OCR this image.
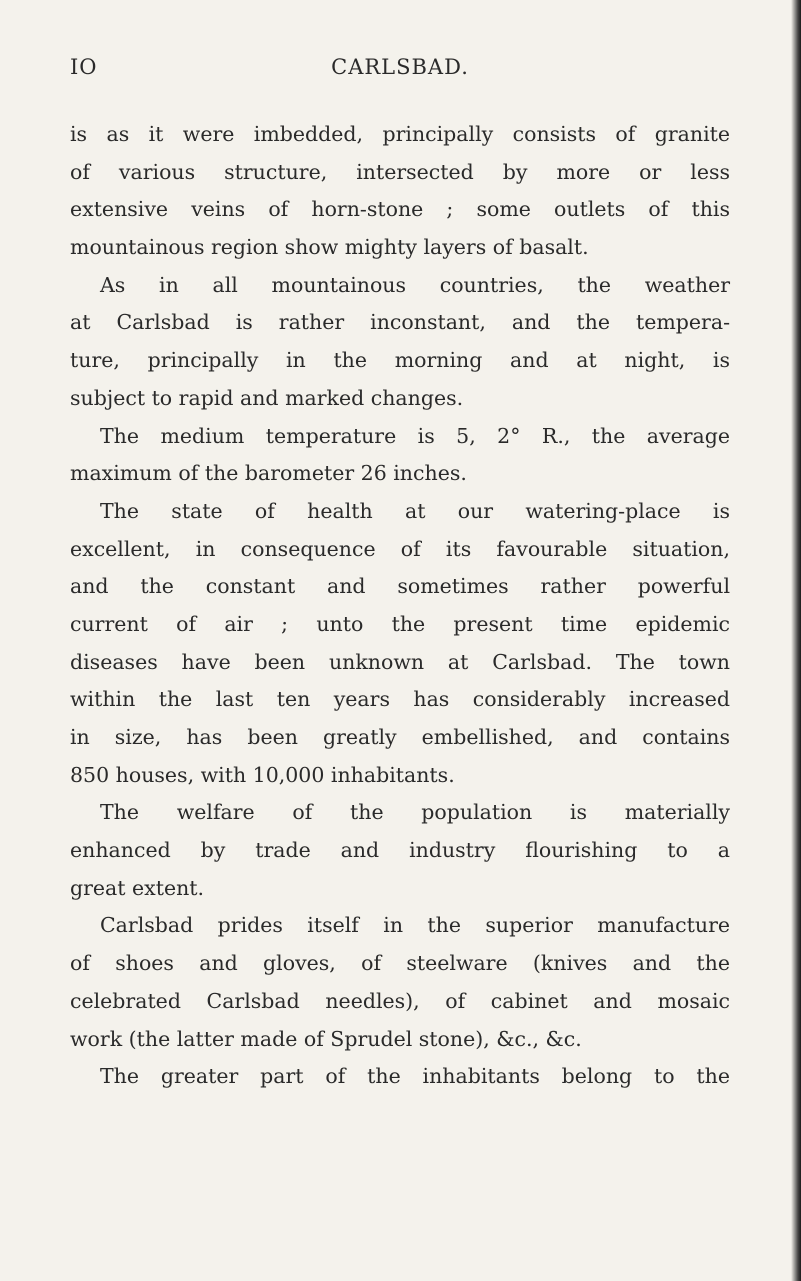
IO	CARLSBAD.
is as it were imbedded, principally consists of granite
of various structure, intersected by more or less
extensive veins of horn-stone ; some outlets of this
mountainous region show mighty layers of basalt.
As in all mountainous countries, the weather
at Carlsbad is rather inconstant, and the tempera-
ture, principally in the morning and at night, is
subject to rapid and marked changes.
The medium temperature is 5, 2° R., the average
maximum of the barometer 26 inches.
The state of health at our watering-place is
excellent, in consequence of its favourable situation,
and the constant and sometimes rather powerful
current of air ; unto the present time epidemic
diseases have been unknown at Carlsbad. The town
within the last ten years has considerably increased
in size, has been greatly embellished, and contains
850 houses, with 10,000 inhabitants.
The welfare of the population is materially
enhanced by trade and industry flourishing to a
great extent.
Carlsbad prides itself in the superior manufacture
of shoes and gloves, of steelware (knives and the
celebrated Carlsbad needles), of cabinet and mosaic
work (the latter made of Sprudel stone), &c., &c.
The greater part of the inhabitants belong to the
